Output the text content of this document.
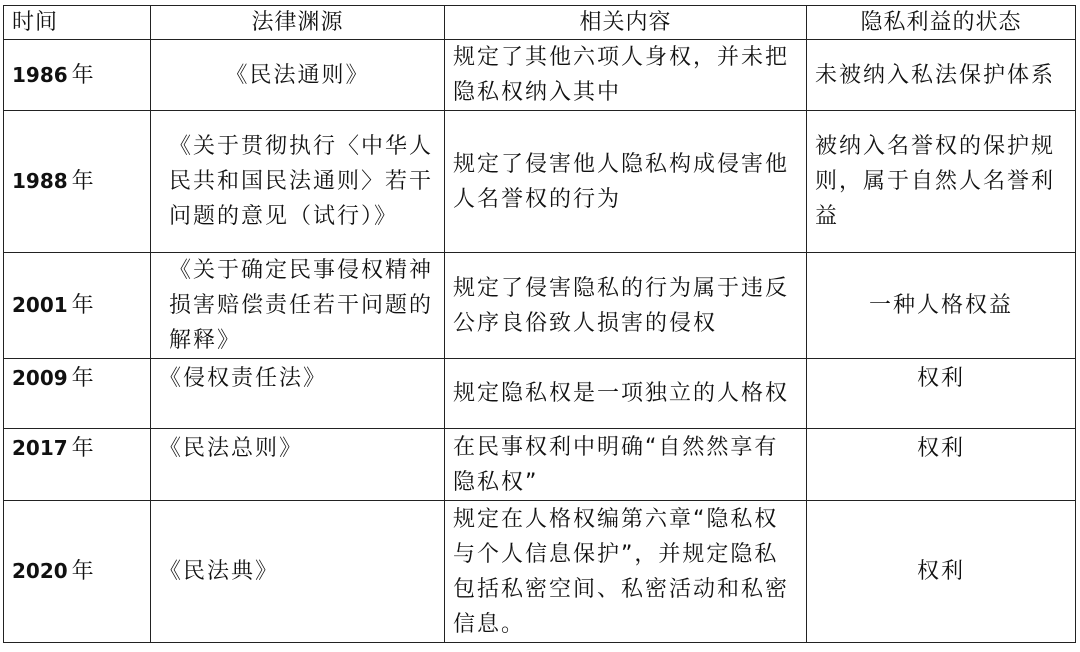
时间	法律渊源	相关内容	隐私利益的状态
1986 年	《民法通则》	规定了其他六项人身权，并未把隐私权纳入其中	未被纳入私法保护体系
1988 年	《关于贯彻执行〈中华人民共和国民法通则〉若干问题的意见（试行）》	规定了侵害他人隐私构成侵害他人名誉权的行为	被纳入名誉权的保护规则，属于自然人名誉利益
2001 年	《关于确定民事侵权精神损害赔偿责任若干问题的解释》	规定了侵害隐私的行为属于违反公序良俗致人损害的侵权	一种人格权益
2009 年	《侵权责任法》	规定隐私权是一项独立的人格权	权利
2017 年	《民法总则》	在民事权利中明确“自然然享有隐私权”	权利
2020 年	《民法典》	规定在人格权编第六章“隐私权与个人信息保护”，并规定隐私包括私密空间、私密活动和私密信息。	权利
